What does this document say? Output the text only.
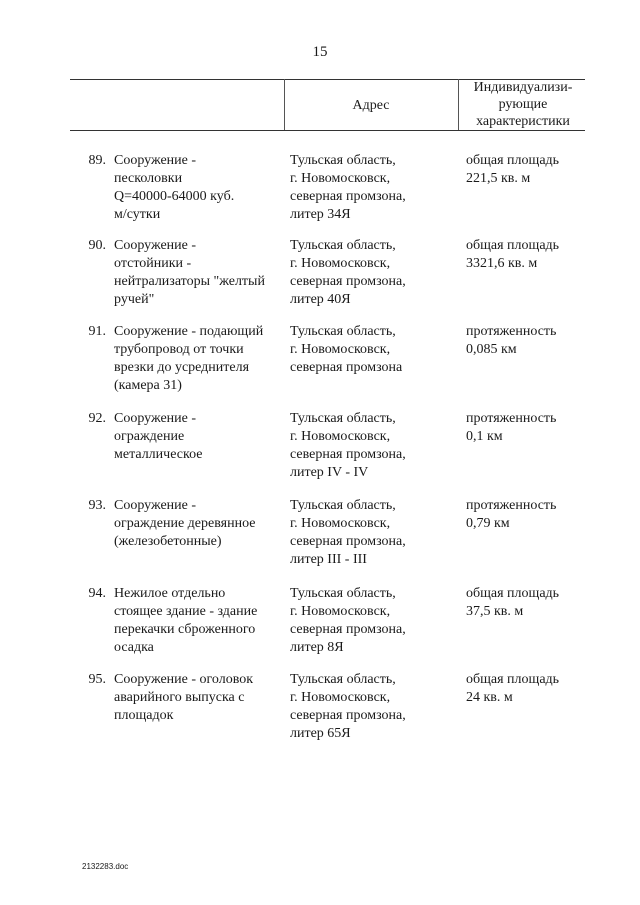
15
Адрес
Индивидуализи-
рующие
характеристики
89. Сооружение -
песколовки
Q=40000-64000 куб.
м/сутки
Тульская область,
г. Новомосковск,
северная промзона,
литер 34Я
общая площадь
221,5 кв. м
90. Сооружение -
отстойники -
нейтрализаторы "желтый
ручей"
Тульская область,
г. Новомосковск,
северная промзона,
литер 40Я
общая площадь
3321,6 кв. м
91. Сооружение - подающий
трубопровод от точки
врезки до усреднителя
(камера 31)
Тульская область,
г. Новомосковск,
северная промзона
протяженность
0,085 км
92. Сооружение -
ограждение
металлическое
Тульская область,
г. Новомосковск,
северная промзона,
литер IV - IV
протяженность
0,1 км
93. Сооружение -
ограждение деревянное
(железобетонные)
Тульская область,
г. Новомосковск,
северная промзона,
литер III - III
протяженность
0,79 км
94. Нежилое отдельно
стоящее здание - здание
перекачки сброженного
осадка
Тульская область,
г. Новомосковск,
северная промзона,
литер 8Я
общая площадь
37,5 кв. м
95. Сооружение - оголовок
аварийного выпуска с
площадок
Тульская область,
г. Новомосковск,
северная промзона,
литер 65Я
общая площадь
24 кв. м
2132283.doc
